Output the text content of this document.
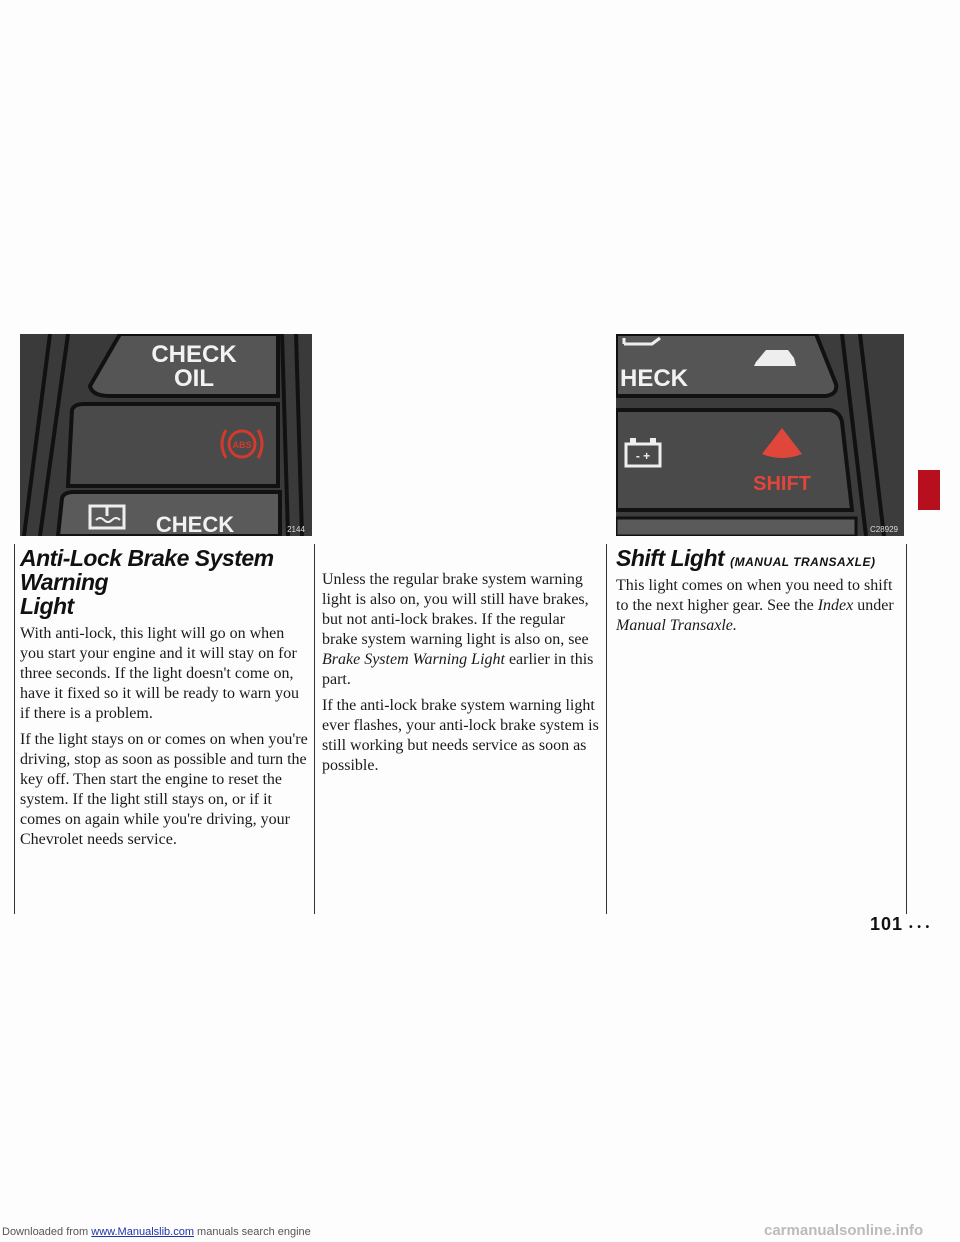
CHECK
OIL
ABS
CHECK	2144
HECK
- +
SHIFT
C28929
Anti-Lock Brake System Warning
Light

With anti-lock, this light will go on when you start your engine and it will stay on for three seconds. If the light doesn't come on, have it fixed so it will be ready to warn you if there is a problem.

If the light stays on or comes on when you're driving, stop as soon as possible and turn the key off. Then start the engine to reset the system. If the light still stays on, or if it comes on again while you're driving, your Chevrolet needs service.

Unless the regular brake system warning light is also on, you will still have brakes, but not anti-lock brakes. If the regular brake system warning light is also on, see Brake System Warning Light earlier in this part.

If the anti-lock brake system warning light ever flashes, your anti-lock brake system is still working but needs service as soon as possible.

Shift Light (MANUAL TRANSAXLE)

This light comes on when you need to shift to the next higher gear. See the Index under Manual Transaxle.

101 • • •
Downloaded from www.Manualslib.com manuals search engine	carmanualsonline.info
